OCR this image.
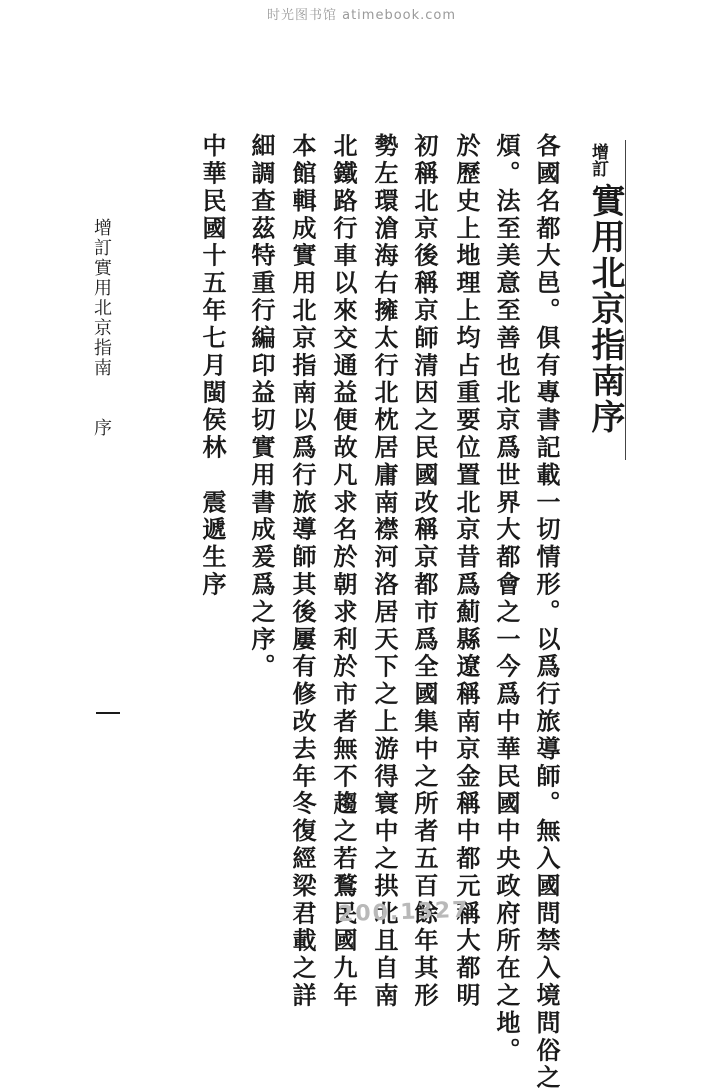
时光图书馆 atimebook.com
增訂
實用北京指南序
各國名都大邑。俱有專書記載一切情形。以爲行旅導師。無入國問禁入境問俗之
煩。法至美意至善也北京爲世界大都會之一今爲中華民國中央政府所在之地。
於歷史上地理上均占重要位置北京昔爲薊縣遼稱南京金稱中都元稱大都明
初稱北京後稱京師清因之民國改稱京都市爲全國集中之所者五百餘年其形
勢左環滄海右擁太行北枕居庸南襟河洛居天下之上游得寰中之拱北且自南
北鐵路行車以來交通益便故凡求名於朝求利於市者無不趨之若鶩民國九年
本館輯成實用北京指南以爲行旅導師其後屢有修改去年冬復經梁君載之詳
細調查茲特重行編印益切實用書成爰爲之序。
中華民國十五年七月閩侯林　震遞生序
增訂實用北京指南
序
200.1327
